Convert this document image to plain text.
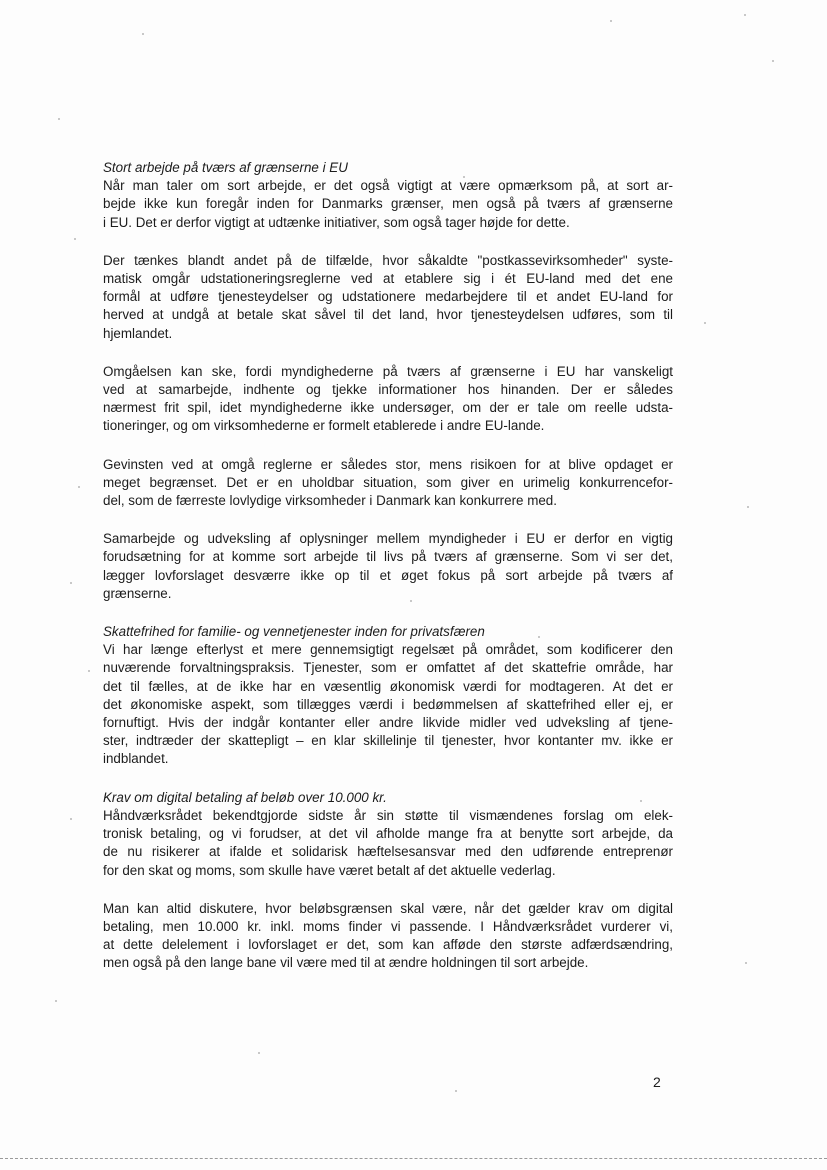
Stort arbejde på tværs af grænserne i EU
Når man taler om sort arbejde, er det også vigtigt at være opmærksom på, at sort ar-
bejde ikke kun foregår inden for Danmarks grænser, men også på tværs af grænserne
i EU. Det er derfor vigtigt at udtænke initiativer, som også tager højde for dette.
Der tænkes blandt andet på de tilfælde, hvor såkaldte "postkassevirksomheder" syste-
matisk omgår udstationeringsreglerne ved at etablere sig i ét EU-land med det ene
formål at udføre tjenesteydelser og udstationere medarbejdere til et andet EU-land for
herved at undgå at betale skat såvel til det land, hvor tjenesteydelsen udføres, som til
hjemlandet.
Omgåelsen kan ske, fordi myndighederne på tværs af grænserne i EU har vanskeligt
ved at samarbejde, indhente og tjekke informationer hos hinanden. Der er således
nærmest frit spil, idet myndighederne ikke undersøger, om der er tale om reelle udsta-
tioneringer, og om virksomhederne er formelt etablerede i andre EU-lande.
Gevinsten ved at omgå reglerne er således stor, mens risikoen for at blive opdaget er
meget begrænset. Det er en uholdbar situation, som giver en urimelig konkurrencefor-
del, som de færreste lovlydige virksomheder i Danmark kan konkurrere med.
Samarbejde og udveksling af oplysninger mellem myndigheder i EU er derfor en vigtig
forudsætning for at komme sort arbejde til livs på tværs af grænserne. Som vi ser det,
lægger lovforslaget desværre ikke op til et øget fokus på sort arbejde på tværs af
grænserne.
Skattefrihed for familie- og vennetjenester inden for privatsfæren
Vi har længe efterlyst et mere gennemsigtigt regelsæt på området, som kodificerer den
nuværende forvaltningspraksis. Tjenester, som er omfattet af det skattefrie område, har
det til fælles, at de ikke har en væsentlig økonomisk værdi for modtageren. At det er
det økonomiske aspekt, som tillægges værdi i bedømmelsen af skattefrihed eller ej, er
fornuftigt. Hvis der indgår kontanter eller andre likvide midler ved udveksling af tjene-
ster, indtræder der skattepligt – en klar skillelinje til tjenester, hvor kontanter mv. ikke er
indblandet.
Krav om digital betaling af beløb over 10.000 kr.
Håndværksrådet bekendtgjorde sidste år sin støtte til vismændenes forslag om elek-
tronisk betaling, og vi forudser, at det vil afholde mange fra at benytte sort arbejde, da
de nu risikerer at ifalde et solidarisk hæftelsesansvar med den udførende entreprenør
for den skat og moms, som skulle have været betalt af det aktuelle vederlag.
Man kan altid diskutere, hvor beløbsgrænsen skal være, når det gælder krav om digital
betaling, men 10.000 kr. inkl. moms finder vi passende. I Håndværksrådet vurderer vi,
at dette delelement i lovforslaget er det, som kan afføde den største adfærdsændring,
men også på den lange bane vil være med til at ændre holdningen til sort arbejde.
2
